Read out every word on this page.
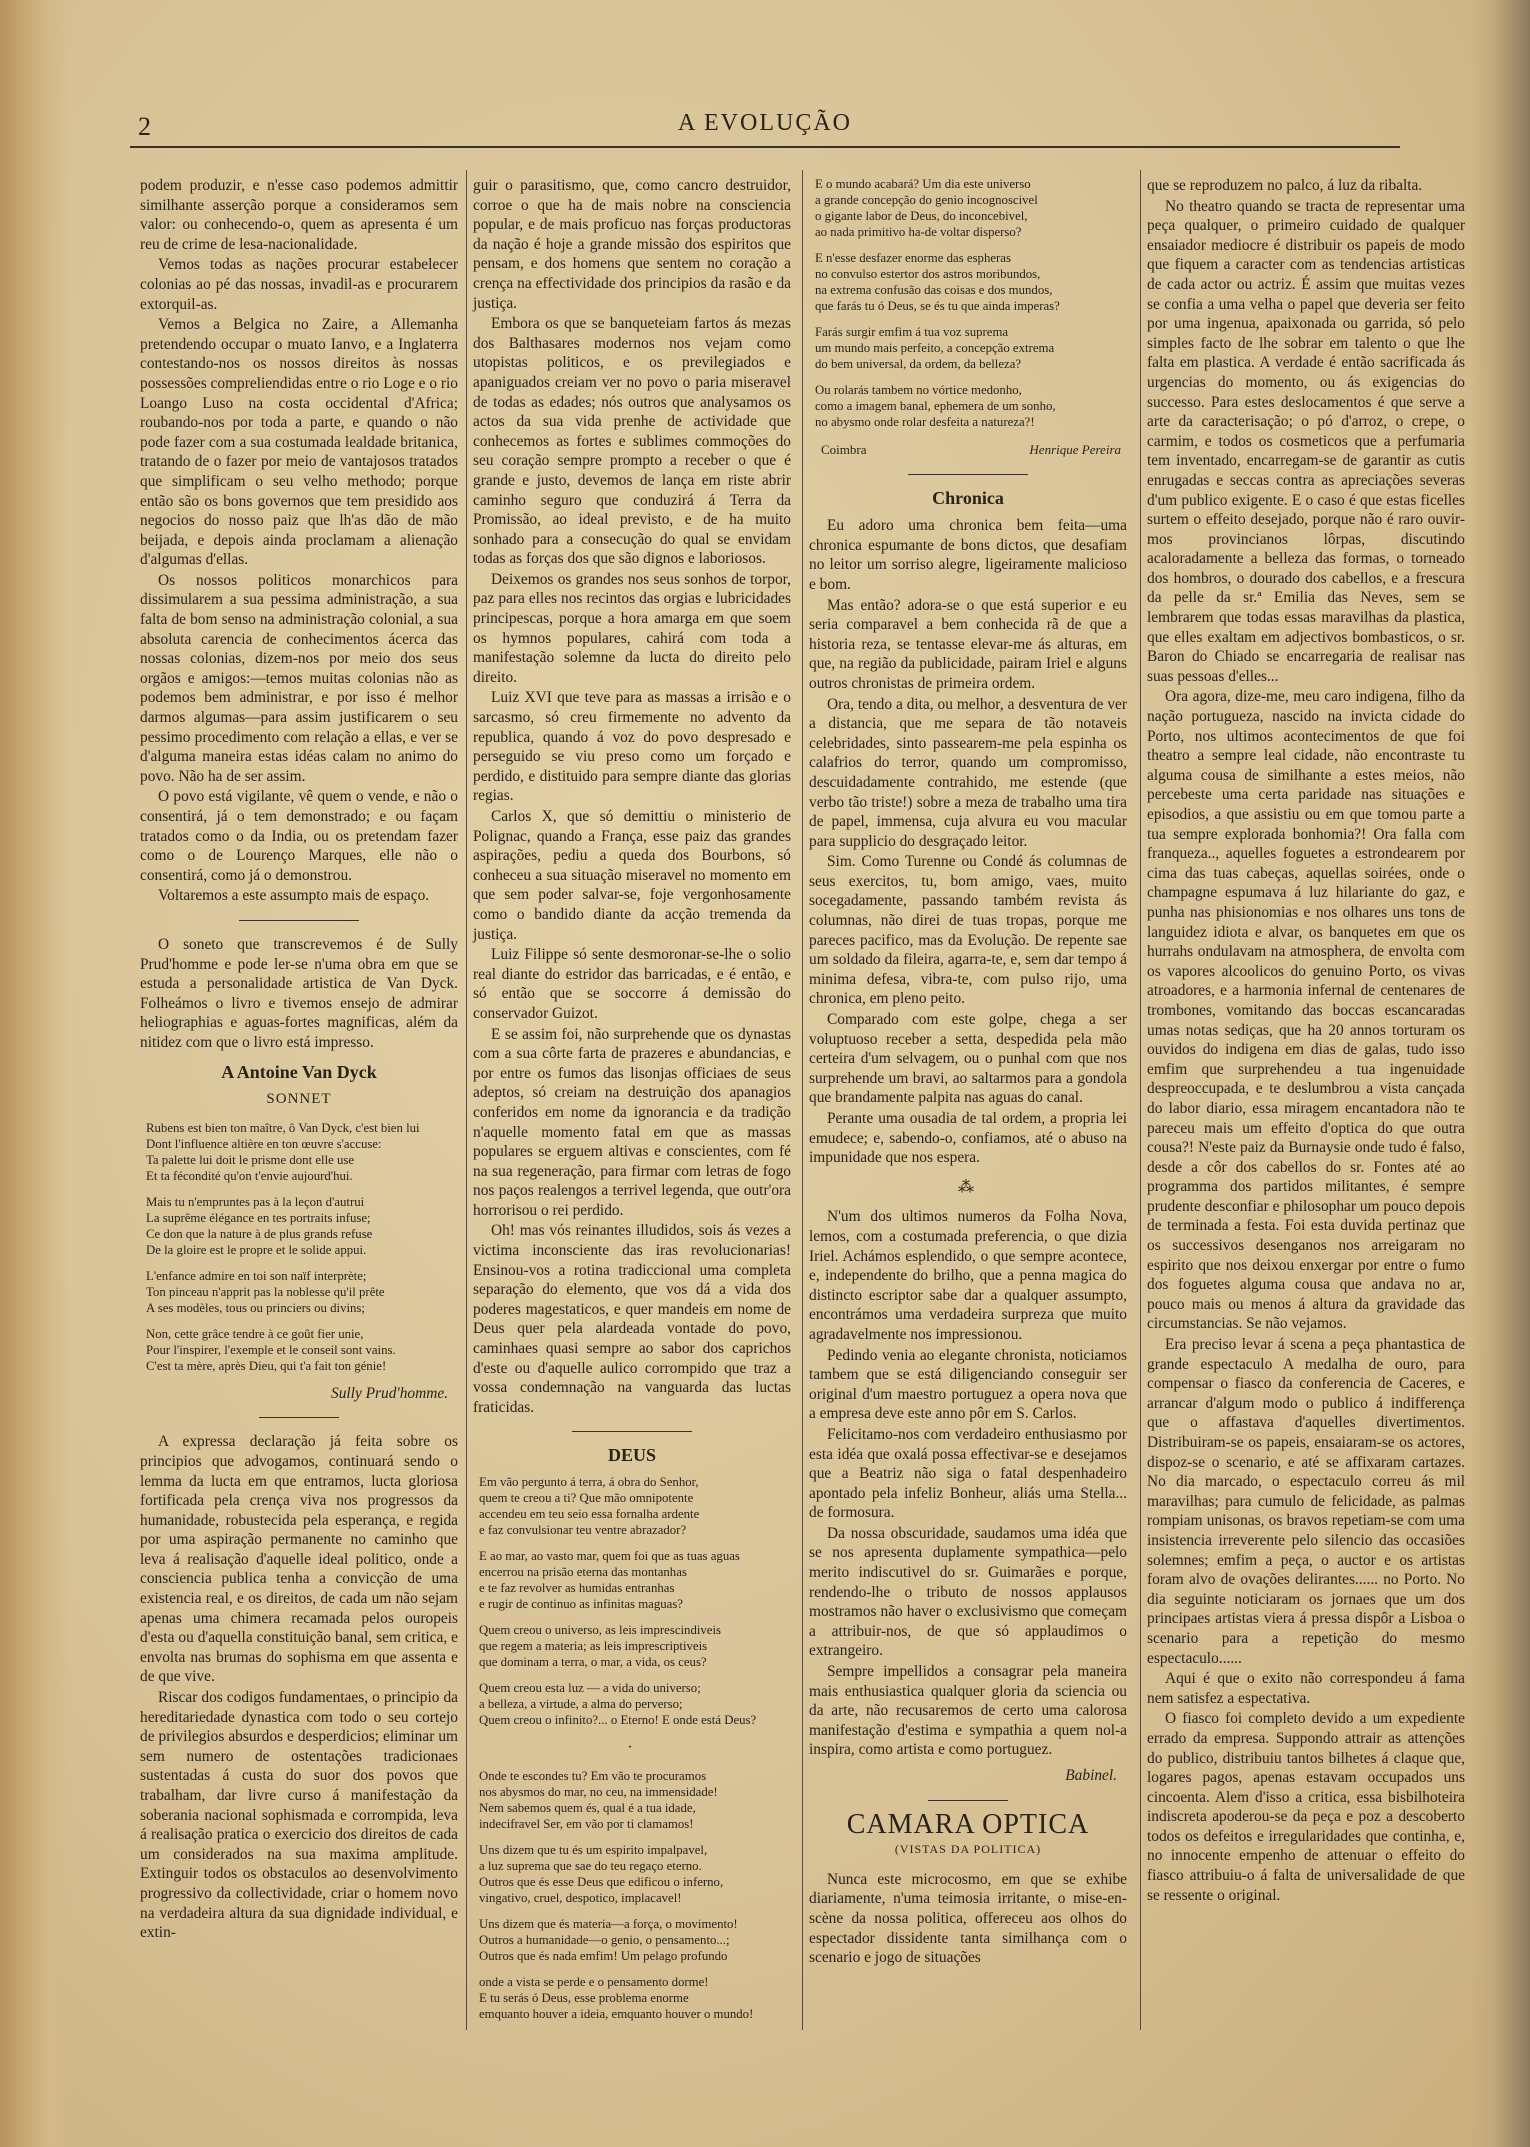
2	A EVOLUÇÃO

podem produzir, e n'esse caso podemos admittir similhante asserção porque a consideramos sem valor: ou conhecendo-o, quem as apresenta é um reu de crime de lesa-nacionalidade.

Vemos todas as nações procurar estabelecer colonias ao pé das nossas, invadil-as e procurarem extorquil-as.

Vemos a Belgica no Zaire, a Allemanha pretendendo occupar o muato Ianvo, e a Inglaterra contestando-nos os nossos direitos às nossas possessões compreliendidas entre o rio Loge e o rio Loango Luso na costa occidental d'Africa; roubando-nos por toda a parte, e quando o não pode fazer com a sua costumada lealdade britanica, tratando de o fazer por meio de vantajosos tratados que simplificam o seu velho methodo; porque então são os bons governos que tem presidido aos negocios do nosso paiz que lh'as dão de mão beijada, e depois ainda proclamam a alienação d'algumas d'ellas.

Os nossos politicos monarchicos para dissimularem a sua pessima administração, a sua falta de bom senso na administração colonial, a sua absoluta carencia de conhecimentos ácerca das nossas colonias, dizem-nos por meio dos seus orgãos e amigos:—temos muitas colonias não as podemos bem administrar, e por isso é melhor darmos algumas—para assim justificarem o seu pessimo procedimento com relação a ellas, e ver se d'alguma maneira estas idéas calam no animo do povo. Não ha de ser assim.

O povo está vigilante, vê quem o vende, e não o consentirá, já o tem demonstrado; e ou façam tratados como o da India, ou os pretendam fazer como o de Lourenço Marques, elle não o consentirá, como já o demonstrou.

Voltaremos a este assumpto mais de espaço.

O soneto que transcrevemos é de Sully Prud'homme e pode ler-se n'uma obra em que se estuda a personalidade artistica de Van Dyck. Folheámos o livro e tivemos ensejo de admirar heliographias e aguas-fortes magnificas, além da nitidez com que o livro está impresso.

A Antoine Van Dyck
SONNET
Rubens est bien ton maître, ô Van Dyck, c'est bien lui
Dont l'influence altière en ton œuvre s'accuse:
Ta palette lui doit le prisme dont elle use
Et ta fécondité qu'on t'envie aujourd'hui.
Mais tu n'empruntes pas à la leçon d'autrui
La suprême élégance en tes portraits infuse;
Ce don que la nature à de plus grands refuse
De la gloire est le propre et le solide appui.
L'enfance admire en toi son naïf interprète;
Ton pinceau n'apprit pas la noblesse qu'il prête
A ses modèles, tous ou princiers ou divins;
Non, cette grâce tendre à ce goût fier unie,
Pour l'inspirer, l'exemple et le conseil sont vains.
C'est ta mère, après Dieu, qui t'a fait ton génie!
Sully Prud'homme.

A expressa declaração já feita sobre os principios que advogamos, continuará sendo o lemma da lucta em que entramos, lucta gloriosa fortificada pela crença viva nos progressos da humanidade, robustecida pela esperança, e regida por uma aspiração permanente no caminho que leva á realisação d'aquelle ideal politico, onde a consciencia publica tenha a convicção de uma existencia real, e os direitos, de cada um não sejam apenas uma chimera recamada pelos ouropeis d'esta ou d'aquella constituição banal, sem critica, e envolta nas brumas do sophisma em que assenta e de que vive.

Riscar dos codigos fundamentaes, o principio da hereditariedade dynastica com todo o seu cortejo de privilegios absurdos e desperdicios; eliminar um sem numero de ostentações tradicionaes sustentadas á custa do suor dos povos que trabalham, dar livre curso á manifestação da soberania nacional sophismada e corrompida, leva á realisação pratica o exercicio dos direitos de cada um considerados na sua maxima amplitude. Extinguir todos os obstaculos ao desenvolvimento progressivo da collectividade, criar o homem novo na verdadeira altura da sua dignidade individual, e extin-

guir o parasitismo, que, como cancro destruidor, corroe o que ha de mais nobre na consciencia popular, e de mais proficuo nas forças productoras da nação é hoje a grande missão dos espiritos que pensam, e dos homens que sentem no coração a crença na effectividade dos principios da rasão e da justiça.

Embora os que se banqueteiam fartos ás mezas dos Balthasares modernos nos vejam como utopistas politicos, e os previlegiados e apaniguados creiam ver no povo o paria miseravel de todas as edades; nós outros que analysamos os actos da sua vida prenhe de actividade que conhecemos as fortes e sublimes commoções do seu coração sempre prompto a receber o que é grande e justo, devemos de lança em riste abrir caminho seguro que conduzirá á Terra da Promissão, ao ideal previsto, e de ha muito sonhado para a consecução do qual se envidam todas as forças dos que são dignos e laboriosos.

Deixemos os grandes nos seus sonhos de torpor, paz para elles nos recintos das orgias e lubricidades principescas, porque a hora amarga em que soem os hymnos populares, cahirá com toda a manifestação solemne da lucta do direito pelo direito.

Luiz XVI que teve para as massas a irrisão e o sarcasmo, só creu firmemente no advento da republica, quando á voz do povo despresado e perseguido se viu preso como um forçado e perdido, e distituido para sempre diante das glorias regias.

Carlos X, que só demittiu o ministerio de Polignac, quando a França, esse paiz das grandes aspirações, pediu a queda dos Bourbons, só conheceu a sua situação miseravel no momento em que sem poder salvar-se, foje vergonhosamente como o bandido diante da acção tremenda da justiça.

Luiz Filippe só sente desmoronar-se-lhe o solio real diante do estridor das barricadas, e é então, e só então que se soccorre á demissão do conservador Guizot.

E se assim foi, não surprehende que os dynastas com a sua côrte farta de prazeres e abundancias, e por entre os fumos das lisonjas officiaes de seus adeptos, só creiam na destruição dos apanagios conferidos em nome da ignorancia e da tradição n'aquelle momento fatal em que as massas populares se erguem altivas e conscientes, com fé na sua regeneração, para firmar com letras de fogo nos paços realengos a terrivel legenda, que outr'ora horrorisou o rei perdido.

Oh! mas vós reinantes illudidos, sois ás vezes a victima inconsciente das iras revolucionarias! Ensinou-vos a rotina tradiccional uma completa separação do elemento, que vos dá a vida dos poderes magestaticos, e quer mandeis em nome de Deus quer pela alardeada vontade do povo, caminhaes quasi sempre ao sabor dos caprichos d'este ou d'aquelle aulico corrompido que traz a vossa condemnação na vanguarda das luctas fraticidas.

DEUS
Em vão pergunto á terra, á obra do Senhor,
quem te creou a ti? Que mão omnipotente
accendeu em teu seio essa fornalha ardente
e faz convulsionar teu ventre abrazador?
E ao mar, ao vasto mar, quem foi que as tuas aguas
encerrou na prisão eterna das montanhas
e te faz revolver as humidas entranhas
e rugir de continuo as infinitas maguas?
Quem creou o universo, as leis imprescindiveis
que regem a materia; as leis imprescriptiveis
que dominam a terra, o mar, a vida, os ceus?
Quem creou esta luz — a vida do universo;
a belleza, a virtude, a alma do perverso;
Quem creou o infinito?... o Eterno! E onde está Deus?
·
Onde te escondes tu? Em vão te procuramos
nos abysmos do mar, no ceu, na immensidade!
Nem sabemos quem és, qual é a tua idade,
indecifravel Ser, em vão por ti clamamos!
Uns dizem que tu és um espirito impalpavel,
a luz suprema que sae do teu regaço eterno.
Outros que és esse Deus que edificou o inferno,
vingativo, cruel, despotico, implacavel!
Uns dizem que és materia—a força, o movimento!
Outros a humanidade—o genio, o pensamento...;
Outros que és nada emfim! Um pelago profundo
onde a vista se perde e o pensamento dorme!
E tu serás ó Deus, esse problema enorme
emquanto houver a ideia, emquanto houver o mundo!
E o mundo acabará? Um dia este universo
a grande concepção do genio incognoscivel
o gigante labor de Deus, do inconcebivel,
ao nada primitivo ha-de voltar disperso?
E n'esse desfazer enorme das espheras
no convulso estertor dos astros moribundos,
na extrema confusão das coisas e dos mundos,
que farás tu ó Deus, se és tu que ainda imperas?
Farás surgir emfim á tua voz suprema
um mundo mais perfeito, a concepção extrema
do bem universal, da ordem, da belleza?
Ou rolarás tambem no vórtice medonho,
como a imagem banal, ephemera de um sonho,
no abysmo onde rolar desfeita a natureza?!
Coimbra	Henrique Pereira
Chronica

Eu adoro uma chronica bem feita—uma chronica espumante de bons dictos, que desafiam no leitor um sorriso alegre, ligeiramente malicioso e bom.

Mas então? adora-se o que está superior e eu seria comparavel a bem conhecida rã de que a historia reza, se tentasse elevar-me ás alturas, em que, na região da publicidade, pairam Iriel e alguns outros chronistas de primeira ordem.

Ora, tendo a dita, ou melhor, a desventura de ver a distancia, que me separa de tão notaveis celebridades, sinto passearem-me pela espinha os calafrios do terror, quando um compromisso, descuidadamente contrahido, me estende (que verbo tão triste!) sobre a meza de trabalho uma tira de papel, immensa, cuja alvura eu vou macular para supplicio do desgraçado leitor.

Sim. Como Turenne ou Condé ás columnas de seus exercitos, tu, bom amigo, vaes, muito socegadamente, passando também revista ás columnas, não direi de tuas tropas, porque me pareces pacifico, mas da Evolução. De repente sae um soldado da fileira, agarra-te, e, sem dar tempo á minima defesa, vibra-te, com pulso rijo, uma chronica, em pleno peito.

Comparado com este golpe, chega a ser voluptuoso receber a setta, despedida pela mão certeira d'um selvagem, ou o punhal com que nos surprehende um bravi, ao saltarmos para a gondola que brandamente palpita nas aguas do canal.

Perante uma ousadia de tal ordem, a propria lei emudece; e, sabendo-o, confiamos, até o abuso na impunidade que nos espera.

⁂

N'um dos ultimos numeros da Folha Nova, lemos, com a costumada preferencia, o que dizia Iriel. Achámos esplendido, o que sempre acontece, e, independente do brilho, que a penna magica do distincto escriptor sabe dar a qualquer assumpto, encontrámos uma verdadeira surpreza que muito agradavelmente nos impressionou.

Pedindo venia ao elegante chronista, noticiamos tambem que se está diligenciando conseguir ser original d'um maestro portuguez a opera nova que a empresa deve este anno pôr em S. Carlos.

Felicitamo-nos com verdadeiro enthusiasmo por esta idéa que oxalá possa effectivar-se e desejamos que a Beatriz não siga o fatal despenhadeiro apontado pela infeliz Bonheur, aliás uma Stella... de formosura.

Da nossa obscuridade, saudamos uma idéa que se nos apresenta duplamente sympathica—pelo merito indiscutivel do sr. Guimarães e porque, rendendo-lhe o tributo de nossos applausos mostramos não haver o exclusivismo que começam a attribuir-nos, de que só applaudimos o extrangeiro.

Sempre impellidos a consagrar pela maneira mais enthusiastica qualquer gloria da sciencia ou da arte, não recusaremos de certo uma calorosa manifestação d'estima e sympathia a quem nol-a inspira, como artista e como portuguez.

Babinel.
CAMARA OPTICA
(VISTAS DA POLITICA)

Nunca este microcosmo, em que se exhibe diariamente, n'uma teimosia irritante, o mise-en-scène da nossa politica, offereceu aos olhos do espectador dissidente tanta similhança com o scenario e jogo de situações

que se reproduzem no palco, á luz da ribalta.

No theatro quando se tracta de representar uma peça qualquer, o primeiro cuidado de qualquer ensaiador mediocre é distribuir os papeis de modo que fiquem a caracter com as tendencias artisticas de cada actor ou actriz. É assim que muitas vezes se confia a uma velha o papel que deveria ser feito por uma ingenua, apaixonada ou garrida, só pelo simples facto de lhe sobrar em talento o que lhe falta em plastica. A verdade é então sacrificada ás urgencias do momento, ou ás exigencias do successo. Para estes deslocamentos é que serve a arte da caracterisação; o pó d'arroz, o crepe, o carmim, e todos os cosmeticos que a perfumaria tem inventado, encarregam-se de garantir as cutis enrugadas e seccas contra as apreciações severas d'um publico exigente. E o caso é que estas ficelles surtem o effeito desejado, porque não é raro ouvir-mos provincianos lôrpas, discutindo acaloradamente a belleza das formas, o torneado dos hombros, o dourado dos cabellos, e a frescura da pelle da sr.ª Emilia das Neves, sem se lembrarem que todas essas maravilhas da plastica, que elles exaltam em adjectivos bombasticos, o sr. Baron do Chiado se encarregaria de realisar nas suas pessoas d'elles...

Ora agora, dize-me, meu caro indigena, filho da nação portugueza, nascido na invicta cidade do Porto, nos ultimos acontecimentos de que foi theatro a sempre leal cidade, não encontraste tu alguma cousa de similhante a estes meios, não percebeste uma certa paridade nas situações e episodios, a que assistiu ou em que tomou parte a tua sempre explorada bonhomia?! Ora falla com franqueza.., aquelles foguetes a estrondearem por cima das tuas cabeças, aquellas soirées, onde o champagne espumava á luz hilariante do gaz, e punha nas phisionomias e nos olhares uns tons de languidez idiota e alvar, os banquetes em que os hurrahs ondulavam na atmosphera, de envolta com os vapores alcoolicos do genuino Porto, os vivas atroadores, e a harmonia infernal de centenares de trombones, vomitando das boccas escancaradas umas notas sediças, que ha 20 annos torturam os ouvidos do indigena em dias de galas, tudo isso emfim que surprehendeu a tua ingenuidade despreoccupada, e te deslumbrou a vista cançada do labor diario, essa miragem encantadora não te pareceu mais um effeito d'optica do que outra cousa?! N'este paiz da Burnaysie onde tudo é falso, desde a côr dos cabellos do sr. Fontes até ao programma dos partidos militantes, é sempre prudente desconfiar e philosophar um pouco depois de terminada a festa. Foi esta duvida pertinaz que os successivos desenganos nos arreigaram no espirito que nos deixou enxergar por entre o fumo dos foguetes alguma cousa que andava no ar, pouco mais ou menos á altura da gravidade das circumstancias. Se não vejamos.

Era preciso levar á scena a peça phantastica de grande espectaculo A medalha de ouro, para compensar o fiasco da conferencia de Caceres, e arrancar d'algum modo o publico á indifferença que o affastava d'aquelles divertimentos. Distribuiram-se os papeis, ensaiaram-se os actores, dispoz-se o scenario, e até se affixaram cartazes. No dia marcado, o espectaculo correu ás mil maravilhas; para cumulo de felicidade, as palmas rompiam unisonas, os bravos repetiam-se com uma insistencia irreverente pelo silencio das occasiões solemnes; emfim a peça, o auctor e os artistas foram alvo de ovações delirantes...... no Porto. No dia seguinte noticiaram os jornaes que um dos principaes artistas viera á pressa dispôr a Lisboa o scenario para a repetição do mesmo espectaculo......

Aqui é que o exito não correspondeu á fama nem satisfez a espectativa.

O fiasco foi completo devido a um expediente errado da empresa. Suppondo attrair as attenções do publico, distribuiu tantos bilhetes á claque que, logares pagos, apenas estavam occupados uns cincoenta. Alem d'isso a critica, essa bisbilhoteira indiscreta apoderou-se da peça e poz a descoberto todos os defeitos e irregularidades que continha, e, no innocente empenho de attenuar o effeito do fiasco attribuiu-o á falta de universalidade de que se ressente o original.
